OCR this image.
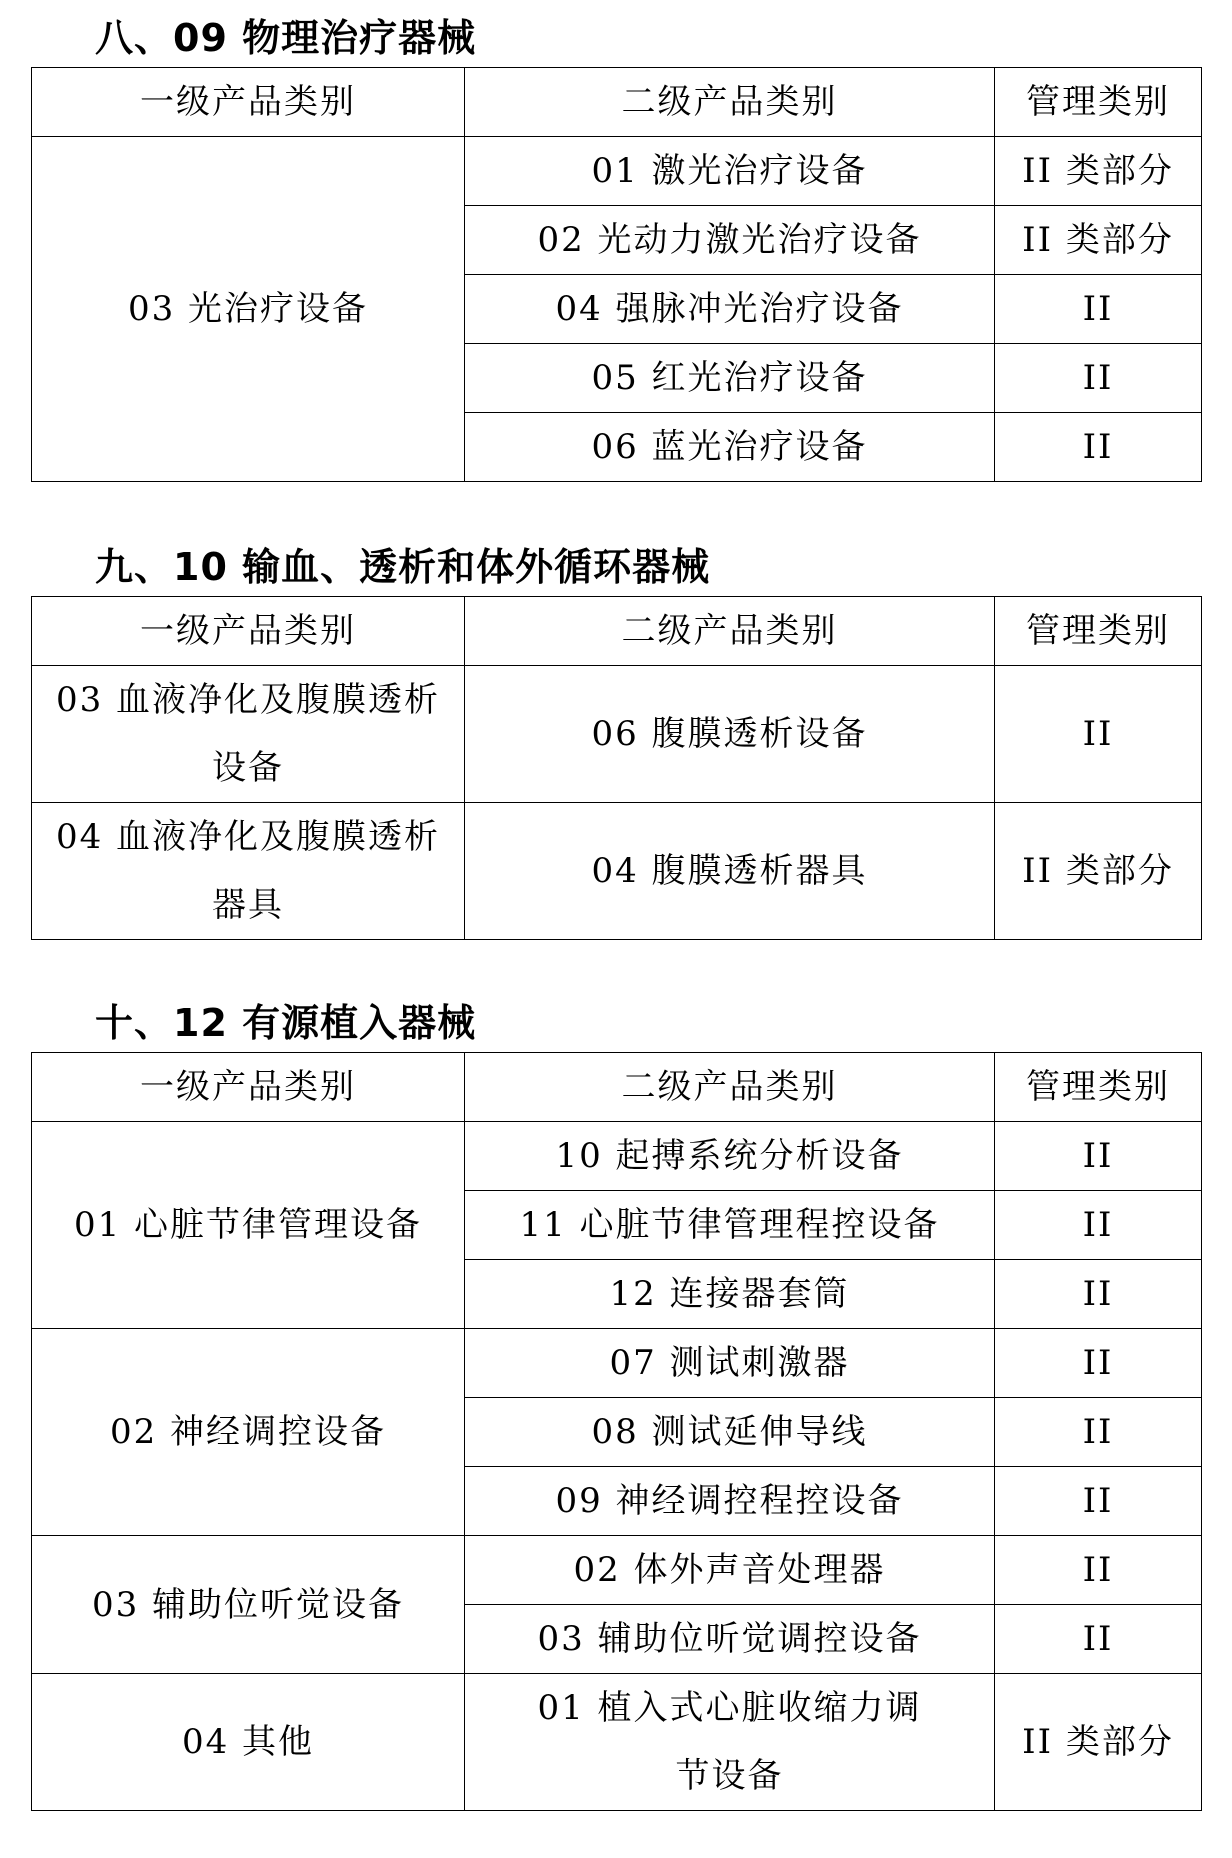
八、09 物理治疗器械
一级产品类别	二级产品类别	管理类别
03 光治疗设备	01 激光治疗设备	II 类部分
	02 光动力激光治疗设备	II 类部分
	04 强脉冲光治疗设备	II
	05 红光治疗设备	II
	06 蓝光治疗设备	II
九、10 输血、透析和体外循环器械
一级产品类别	二级产品类别	管理类别
03 血液净化及腹膜透析设备	06 腹膜透析设备	II
04 血液净化及腹膜透析器具	04 腹膜透析器具	II 类部分
十、12 有源植入器械
一级产品类别	二级产品类别	管理类别
01 心脏节律管理设备	10 起搏系统分析设备	II
	11 心脏节律管理程控设备	II
	12 连接器套筒	II
02 神经调控设备	07 测试刺激器	II
	08 测试延伸导线	II
	09 神经调控程控设备	II
03 辅助位听觉设备	02 体外声音处理器	II
	03 辅助位听觉调控设备	II
04 其他	01 植入式心脏收缩力调节设备	II 类部分
